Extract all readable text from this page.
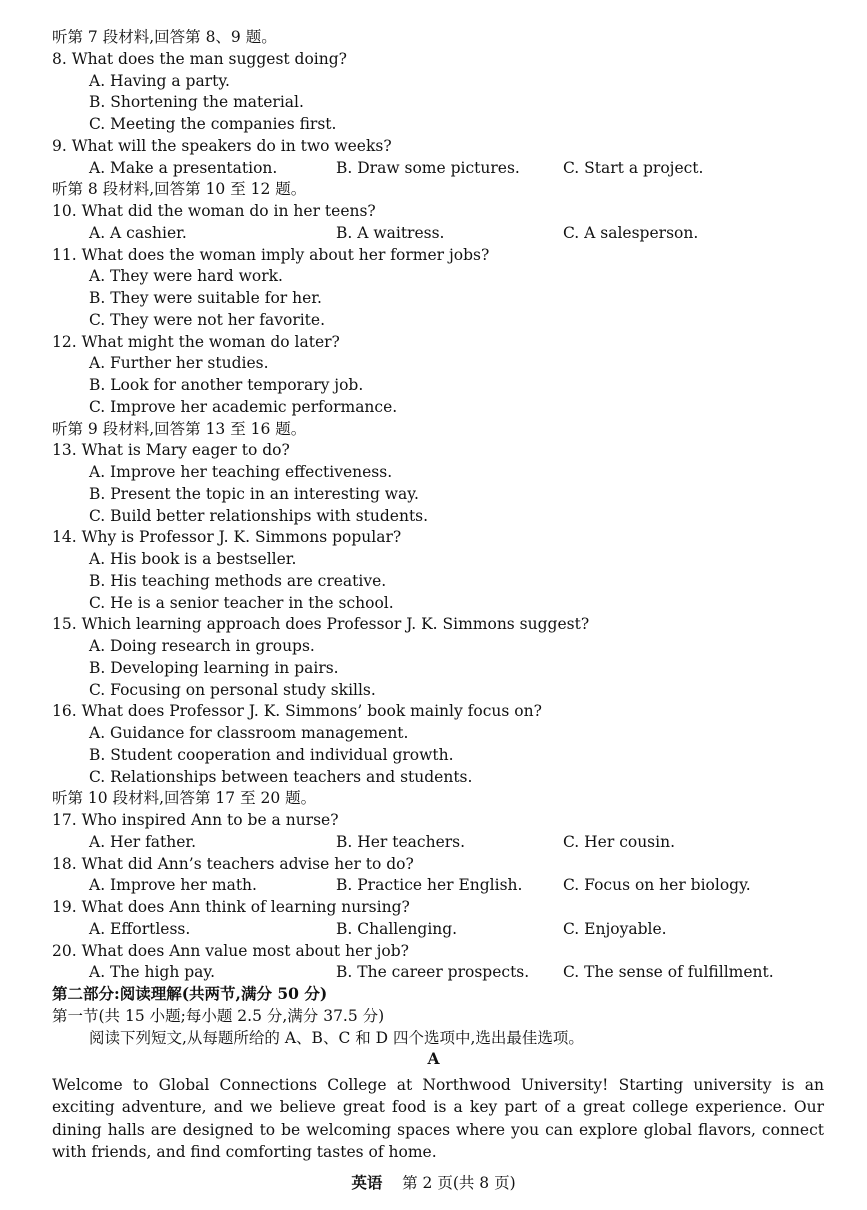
听第 7 段材料,回答第 8、9 题。
8. What does the man suggest doing?
A. Having a party.
B. Shortening the material.
C. Meeting the companies first.
9. What will the speakers do in two weeks?
A. Make a presentation.	B. Draw some pictures.	C. Start a project.
听第 8 段材料,回答第 10 至 12 题。
10. What did the woman do in her teens?
A. A cashier.	B. A waitress.	C. A salesperson.
11. What does the woman imply about her former jobs?
A. They were hard work.
B. They were suitable for her.
C. They were not her favorite.
12. What might the woman do later?
A. Further her studies.
B. Look for another temporary job.
C. Improve her academic performance.
听第 9 段材料,回答第 13 至 16 题。
13. What is Mary eager to do?
A. Improve her teaching effectiveness.
B. Present the topic in an interesting way.
C. Build better relationships with students.
14. Why is Professor J. K. Simmons popular?
A. His book is a bestseller.
B. His teaching methods are creative.
C. He is a senior teacher in the school.
15. Which learning approach does Professor J. K. Simmons suggest?
A. Doing research in groups.
B. Developing learning in pairs.
C. Focusing on personal study skills.
16. What does Professor J. K. Simmons’ book mainly focus on?
A. Guidance for classroom management.
B. Student cooperation and individual growth.
C. Relationships between teachers and students.
听第 10 段材料,回答第 17 至 20 题。
17. Who inspired Ann to be a nurse?
A. Her father.	B. Her teachers.	C. Her cousin.
18. What did Ann’s teachers advise her to do?
A. Improve her math.	B. Practice her English.	C. Focus on her biology.
19. What does Ann think of learning nursing?
A. Effortless.	B. Challenging.	C. Enjoyable.
20. What does Ann value most about her job?
A. The high pay.	B. The career prospects. C. The sense of fulfillment.
第二部分:阅读理解(共两节,满分 50 分)
第一节(共 15 小题;每小题 2.5 分,满分 37.5 分)
阅读下列短文,从每题所给的 A、B、C 和 D 四个选项中,选出最佳选项。
A

Welcome to Global Connections College at Northwood University! Starting university is an exciting adventure, and we believe great food is a key part of a great college experience. Our dining halls are designed to be welcoming spaces where you can explore global flavors, connect with friends, and find comforting tastes of home.

英语 第 2 页(共 8 页)
